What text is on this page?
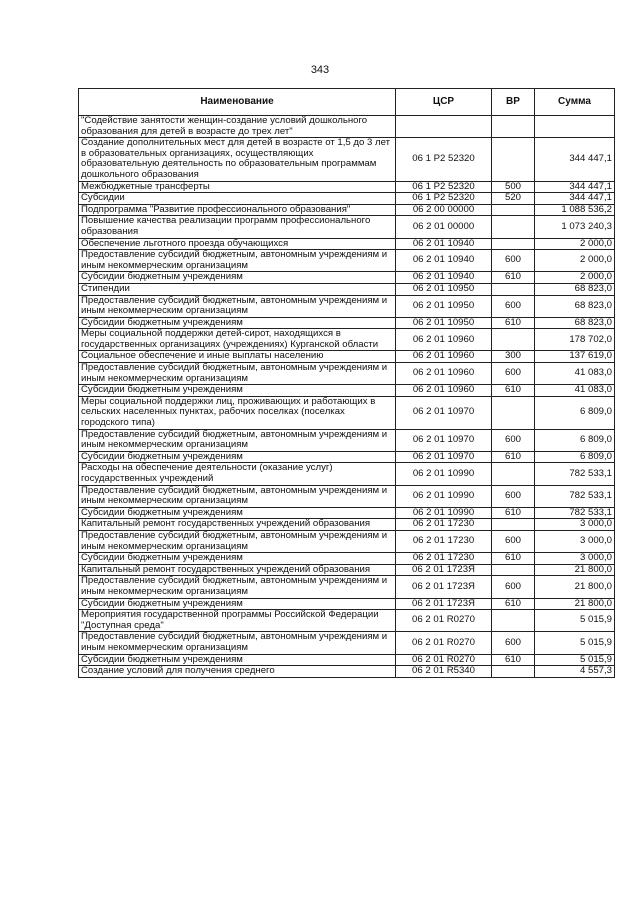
343
Наименование	ЦСР	ВР	Сумма
"Содействие занятости женщин-создание условий дошкольного образования для детей в возрасте до трех лет"			
Создание дополнительных мест для детей в возрасте от 1,5 до 3 лет в образовательных организациях, осуществляющих образовательную деятельность по образовательным программам дошкольного образования	06 1 P2 52320		344 447,1
Межбюджетные трансферты	06 1 P2 52320	500	344 447,1
Субсидии	06 1 P2 52320	520	344 447,1
Подпрограмма "Развитие профессионального образования"	06 2 00 00000		1 088 536,2
Повышение качества реализации программ профессионального образования	06 2 01 00000		1 073 240,3
Обеспечение льготного проезда обучающихся	06 2 01 10940		2 000,0
Предоставление субсидий бюджетным, автономным учреждениям и иным некоммерческим организациям	06 2 01 10940	600	2 000,0
Субсидии бюджетным учреждениям	06 2 01 10940	610	2 000,0
Стипендии	06 2 01 10950		68 823,0
Предоставление субсидий бюджетным, автономным учреждениям и иным некоммерческим организациям	06 2 01 10950	600	68 823,0
Субсидии бюджетным учреждениям	06 2 01 10950	610	68 823,0
Меры социальной поддержки детей-сирот, находящихся в государственных организациях (учреждениях) Курганской области	06 2 01 10960		178 702,0
Социальное обеспечение и иные выплаты населению	06 2 01 10960	300	137 619,0
Предоставление субсидий бюджетным, автономным учреждениям и иным некоммерческим организациям	06 2 01 10960	600	41 083,0
Субсидии бюджетным учреждениям	06 2 01 10960	610	41 083,0
Меры социальной поддержки лиц, проживающих и работающих в сельских населенных пунктах, рабочих поселках (поселках городского типа)	06 2 01 10970		6 809,0
Предоставление субсидий бюджетным, автономным учреждениям и иным некоммерческим организациям	06 2 01 10970	600	6 809,0
Субсидии бюджетным учреждениям	06 2 01 10970	610	6 809,0
Расходы на обеспечение деятельности (оказание услуг) государственных учреждений	06 2 01 10990		782 533,1
Предоставление субсидий бюджетным, автономным учреждениям и иным некоммерческим организациям	06 2 01 10990	600	782 533,1
Субсидии бюджетным учреждениям	06 2 01 10990	610	782 533,1
Капитальный ремонт государственных учреждений образования	06 2 01 17230		3 000,0
Предоставление субсидий бюджетным, автономным учреждениям и иным некоммерческим организациям	06 2 01 17230	600	3 000,0
Субсидии бюджетным учреждениям	06 2 01 17230	610	3 000,0
Капитальный ремонт государственных учреждений образования	06 2 01 1723Я		21 800,0
Предоставление субсидий бюджетным, автономным учреждениям и иным некоммерческим организациям	06 2 01 1723Я	600	21 800,0
Субсидии бюджетным учреждениям	06 2 01 1723Я	610	21 800,0
Мероприятия государственной программы Российской Федерации "Доступная среда"	06 2 01 R0270		5 015,9
Предоставление субсидий бюджетным, автономным учреждениям и иным некоммерческим организациям	06 2 01 R0270	600	5 015,9
Субсидии бюджетным учреждениям	06 2 01 R0270	610	5 015,9
Создание условий для получения среднего	06 2 01 R5340		4 557,3
